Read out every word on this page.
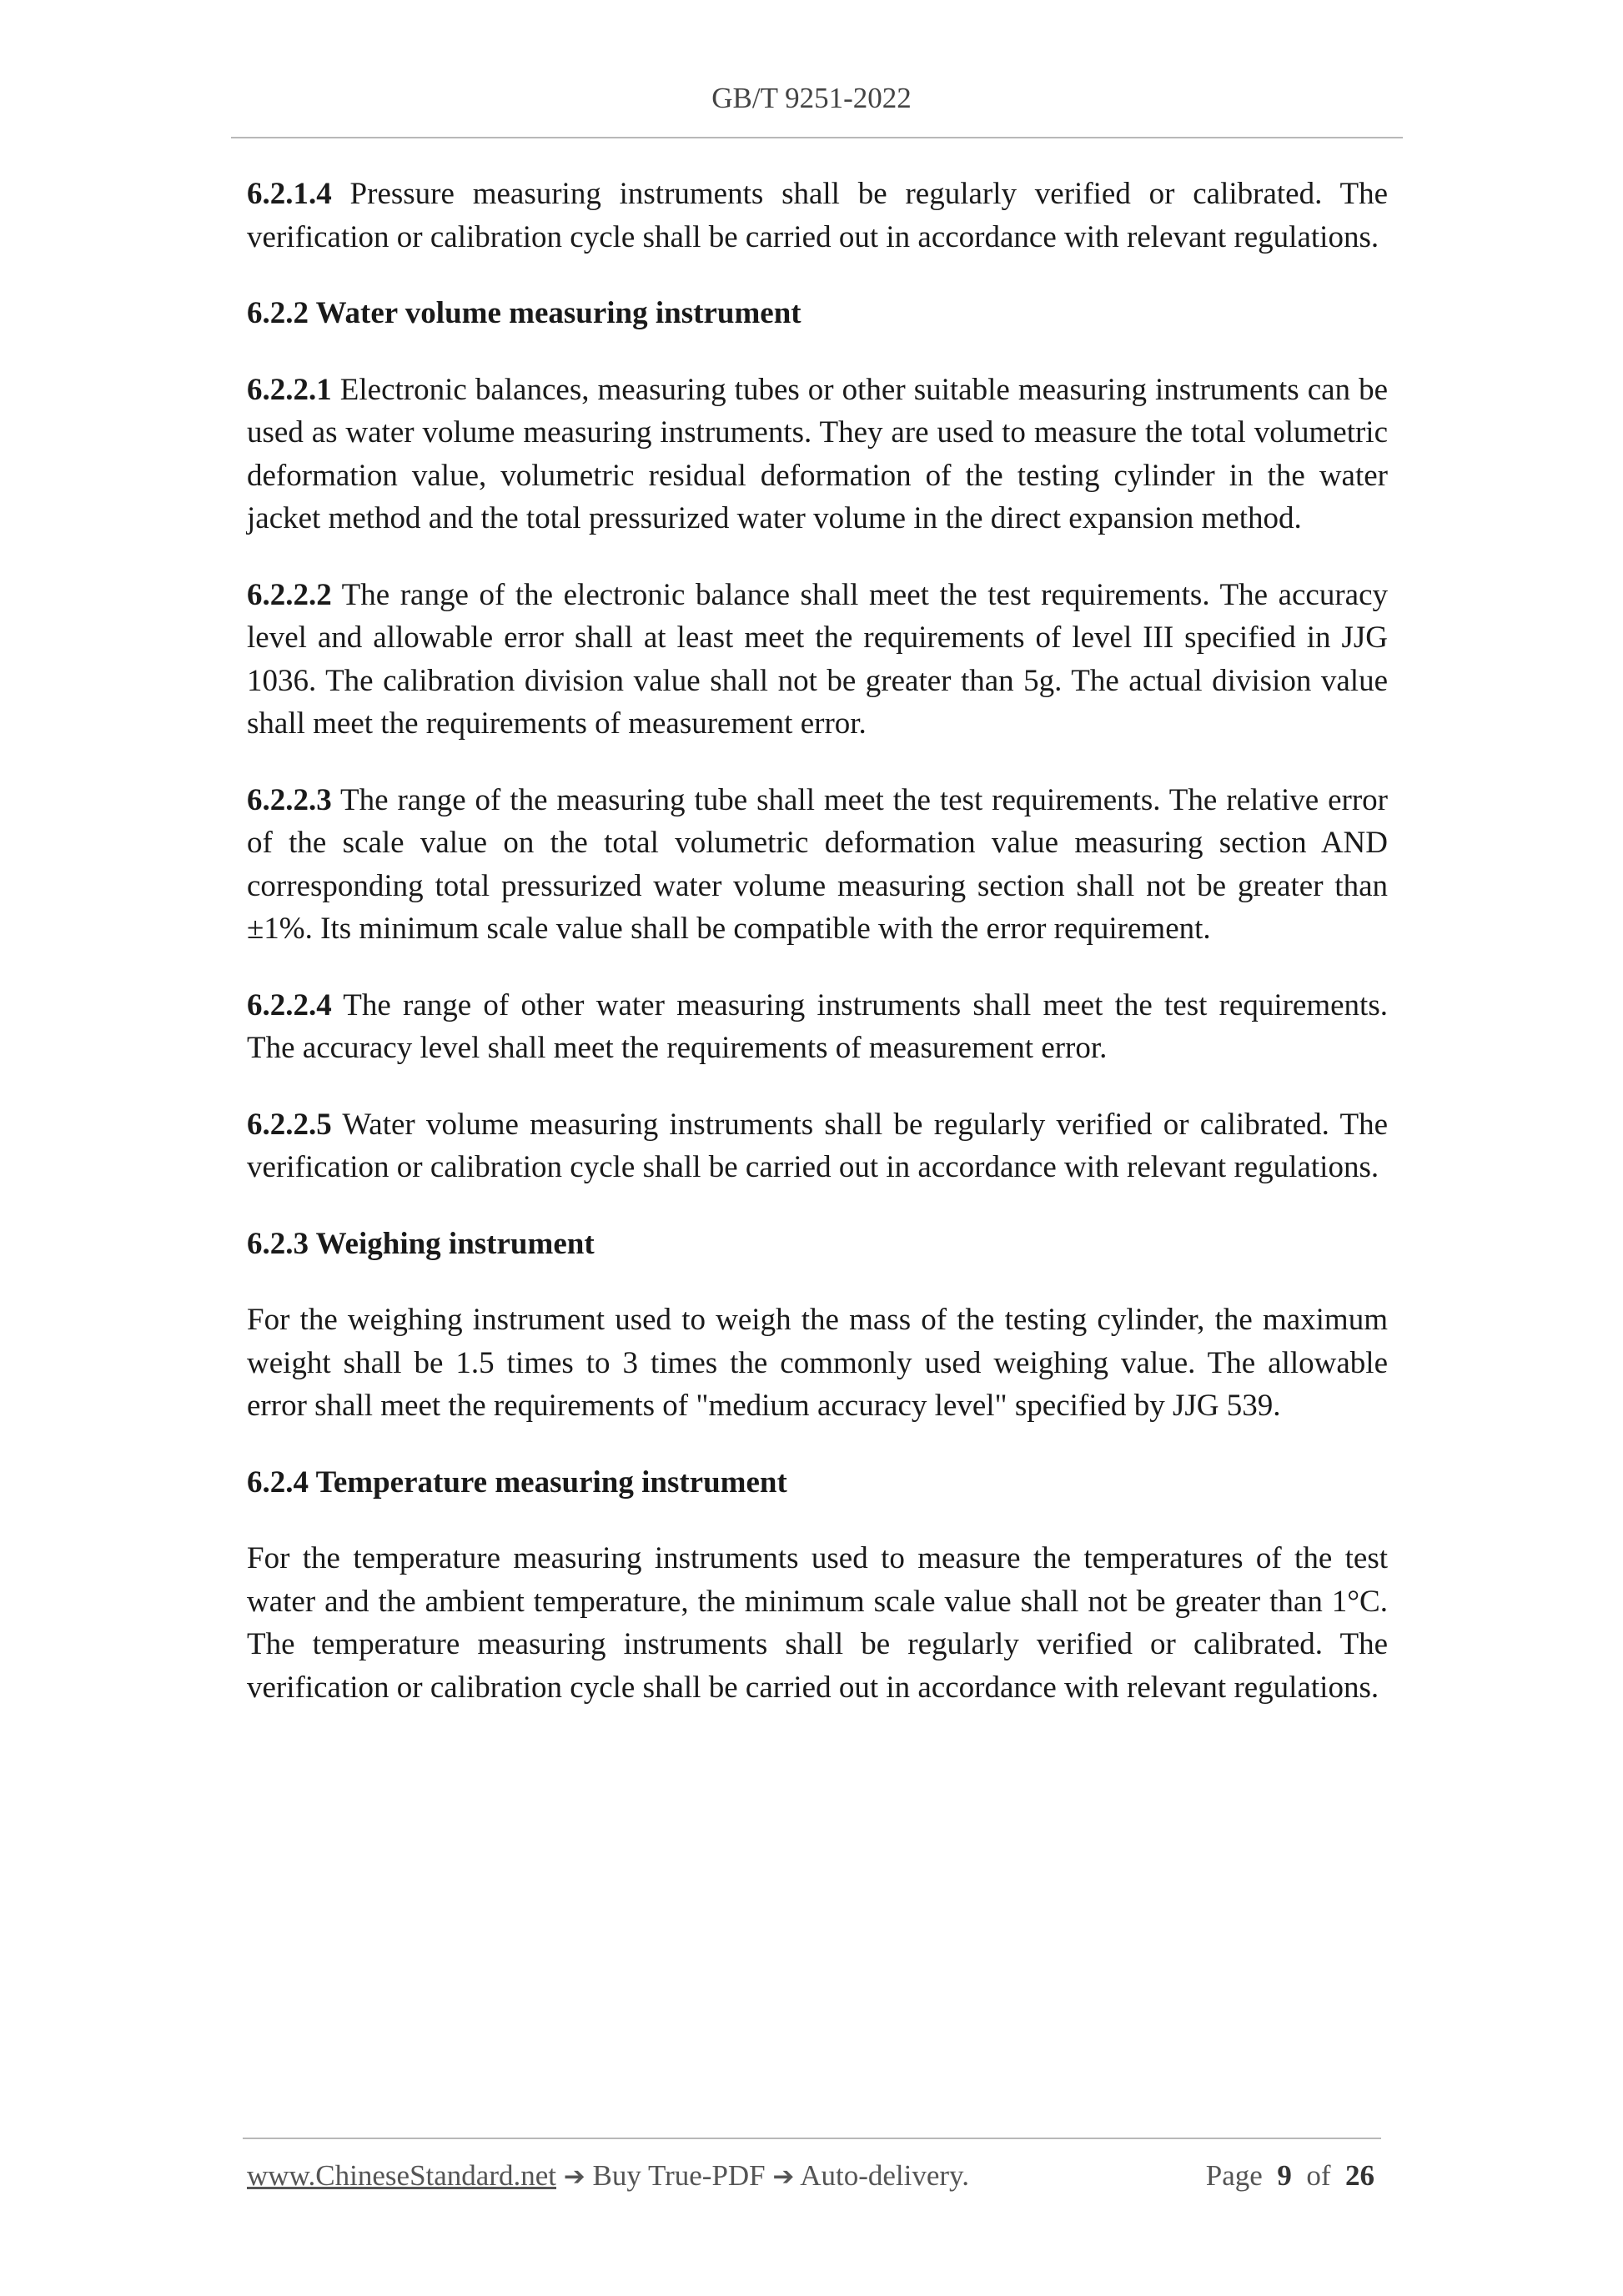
GB/T 9251-2022

6.2.1.4 Pressure measuring instruments shall be regularly verified or calibrated. The verification or calibration cycle shall be carried out in accordance with relevant regulations.

6.2.2 Water volume measuring instrument

6.2.2.1 Electronic balances, measuring tubes or other suitable measuring instruments can be used as water volume measuring instruments. They are used to measure the total volumetric deformation value, volumetric residual deformation of the testing cylinder in the water jacket method and the total pressurized water volume in the direct expansion method.

6.2.2.2 The range of the electronic balance shall meet the test requirements. The accuracy level and allowable error shall at least meet the requirements of level III specified in JJG 1036. The calibration division value shall not be greater than 5g. The actual division value shall meet the requirements of measurement error.

6.2.2.3 The range of the measuring tube shall meet the test requirements. The relative error of the scale value on the total volumetric deformation value measuring section AND corresponding total pressurized water volume measuring section shall not be greater than ±1%. Its minimum scale value shall be compatible with the error requirement.

6.2.2.4 The range of other water measuring instruments shall meet the test requirements. The accuracy level shall meet the requirements of measurement error.

6.2.2.5 Water volume measuring instruments shall be regularly verified or calibrated. The verification or calibration cycle shall be carried out in accordance with relevant regulations.

6.2.3 Weighing instrument

For the weighing instrument used to weigh the mass of the testing cylinder, the maximum weight shall be 1.5 times to 3 times the commonly used weighing value. The allowable error shall meet the requirements of "medium accuracy level" specified by JJG 539.

6.2.4 Temperature measuring instrument

For the temperature measuring instruments used to measure the temperatures of the test water and the ambient temperature, the minimum scale value shall not be greater than 1°C. The temperature measuring instruments shall be regularly verified or calibrated. The verification or calibration cycle shall be carried out in accordance with relevant regulations.

www.ChineseStandard.net ➔ Buy True-PDF ➔ Auto-delivery.	Page 9 of 26
